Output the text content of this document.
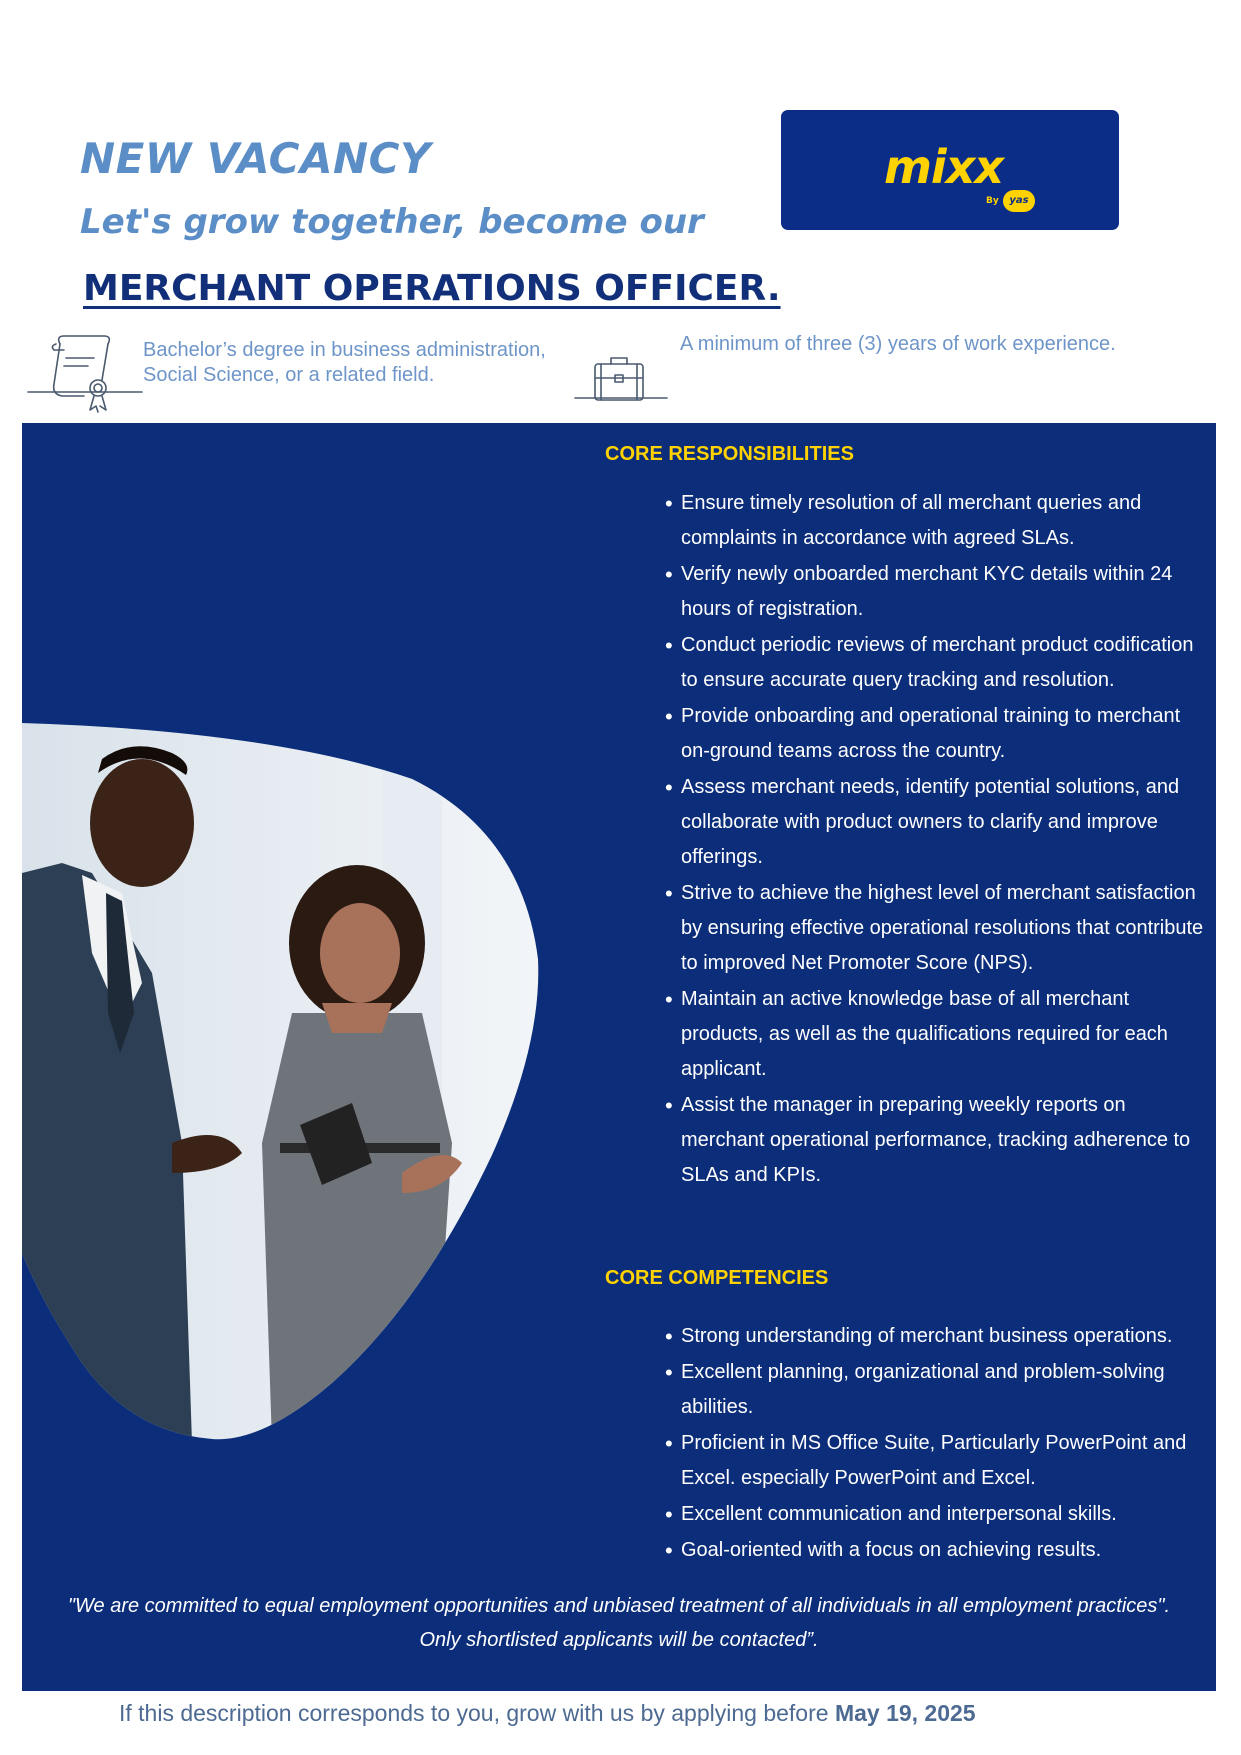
NEW VACANCY
Let's grow together, become our
MERCHANT OPERATIONS OFFICER.
mixx
By	yas
Bachelor’s degree in business administration,
Social Science, or a related field.
A minimum of three (3) years of work experience.
CORE RESPONSIBILITIES
• Ensure timely resolution of all merchant queries and complaints in accordance with agreed SLAs.
• Verify newly onboarded merchant KYC details within 24 hours of registration.
• Conduct periodic reviews of merchant product codification to ensure accurate query tracking and resolution.
• Provide onboarding and operational training to merchant on-ground teams across the country.
• Assess merchant needs, identify potential solutions, and collaborate with product owners to clarify and improve offerings.
• Strive to achieve the highest level of merchant satisfaction by ensuring effective operational resolutions that contribute to improved Net Promoter Score (NPS).
• Maintain an active knowledge base of all merchant products, as well as the qualifications required for each applicant.
• Assist the manager in preparing weekly reports on merchant operational performance, tracking adherence to SLAs and KPIs.
CORE COMPETENCIES
• Strong understanding of merchant business operations.
• Excellent planning, organizational and problem-solving abilities.
• Proficient in MS Office Suite, Particularly PowerPoint and Excel. especially PowerPoint and Excel.
• Excellent communication and interpersonal skills.
• Goal-oriented with a focus on achieving results.
"We are committed to equal employment opportunities and unbiased treatment of all individuals in all employment practices". Only shortlisted applicants will be contacted”.
If this description corresponds to you, grow with us by applying before May 19, 2025
